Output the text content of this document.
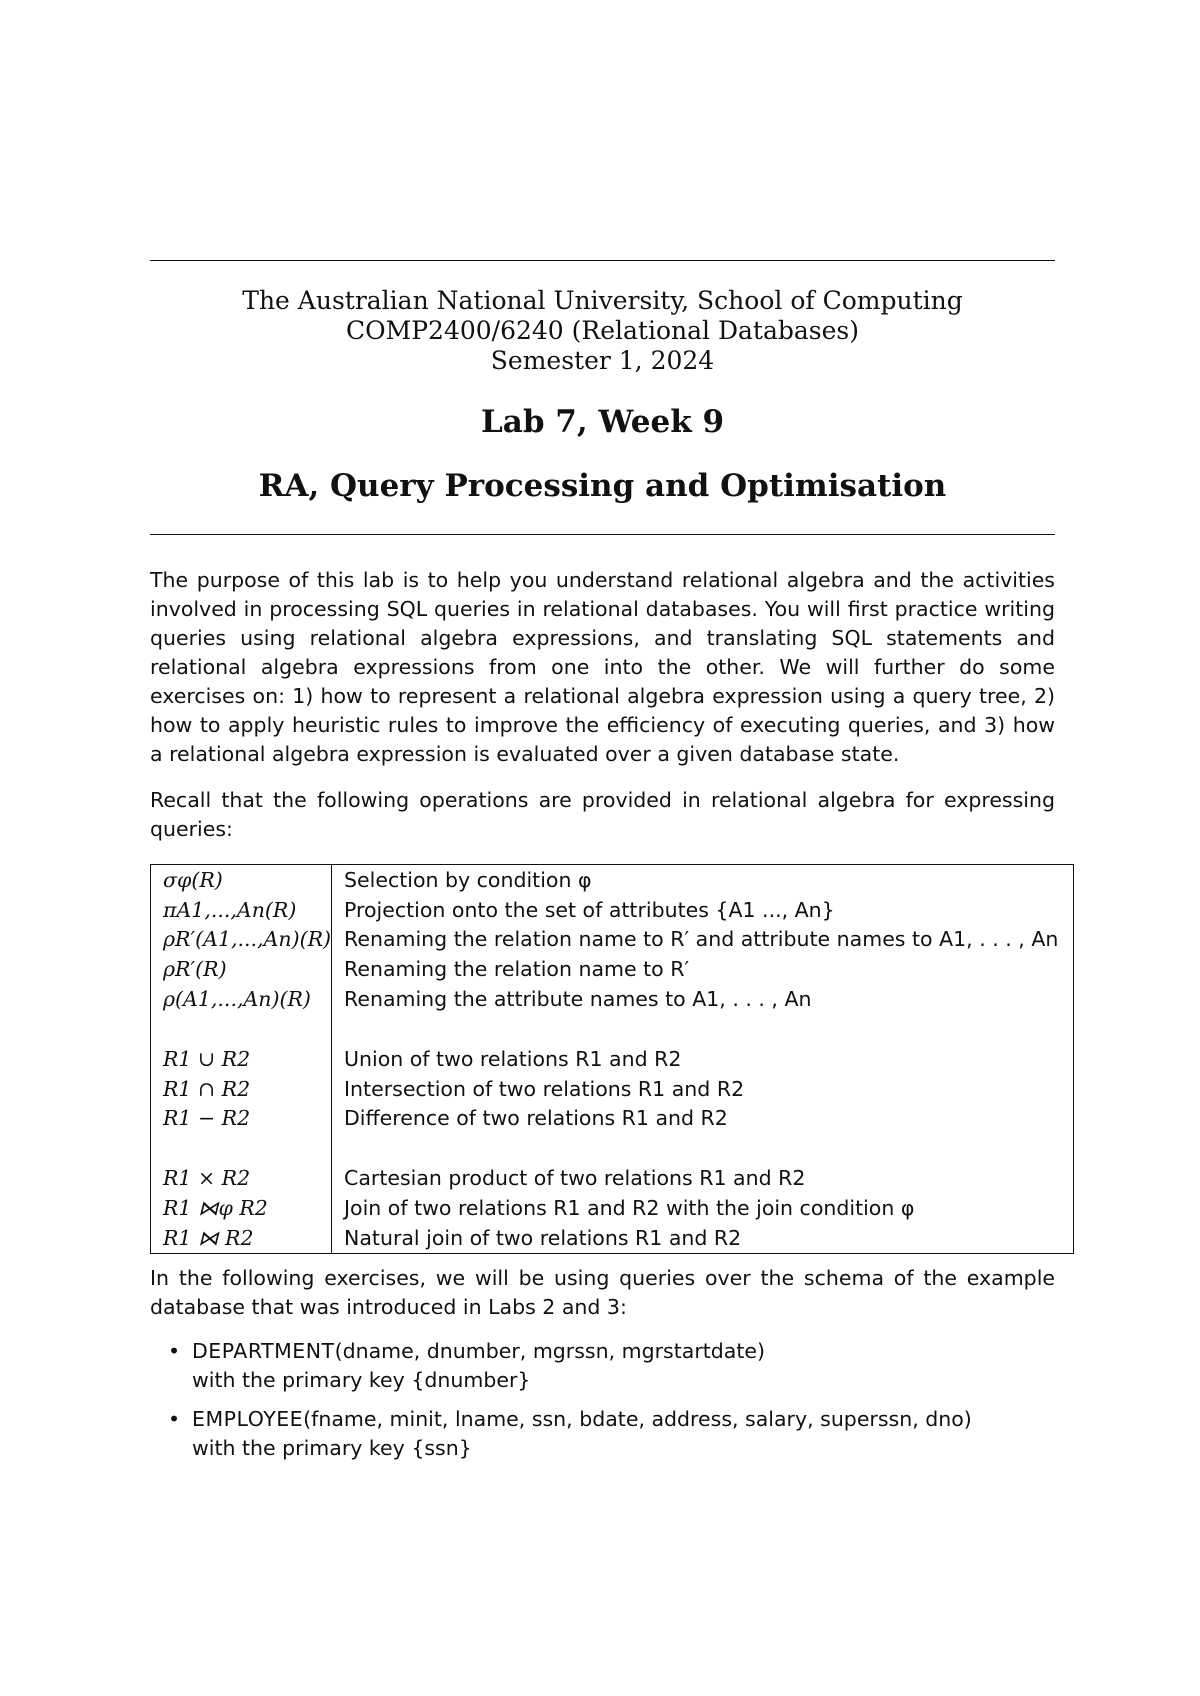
The Australian National University, School of Computing
COMP2400/6240 (Relational Databases)
Semester 1, 2024
Lab 7, Week 9
RA, Query Processing and Optimisation
The purpose of this lab is to help you understand relational algebra and the activities involved in processing SQL queries in relational databases. You will first practice writing queries using relational algebra expressions, and translating SQL statements and relational algebra expressions from one into the other. We will further do some exercises on: 1) how to represent a relational algebra expression using a query tree, 2) how to apply heuristic rules to improve the efficiency of executing queries, and 3) how a relational algebra expression is evaluated over a given database state.
Recall that the following operations are provided in relational algebra for expressing queries:
σφ(R)	Selection by condition φ
πA1,...,An(R)	Projection onto the set of attributes {A1 ..., An}
ρR′(A1,...,An)(R)	Renaming the relation name to R′ and attribute names to A1, . . . , An
ρR′(R)	Renaming the relation name to R′
ρ(A1,...,An)(R)	Renaming the attribute names to A1, . . . , An

R1 ∪ R2	Union of two relations R1 and R2
R1 ∩ R2	Intersection of two relations R1 and R2
R1 − R2	Difference of two relations R1 and R2

R1 × R2	Cartesian product of two relations R1 and R2
R1 ⋈φ R2	Join of two relations R1 and R2 with the join condition φ
R1 ⋈ R2	Natural join of two relations R1 and R2
In the following exercises, we will be using queries over the schema of the example database that was introduced in Labs 2 and 3:
• DEPARTMENT(dname, dnumber, mgrssn, mgrstartdate)
with the primary key {dnumber}
• EMPLOYEE(fname, minit, lname, ssn, bdate, address, salary, superssn, dno)
with the primary key {ssn}
